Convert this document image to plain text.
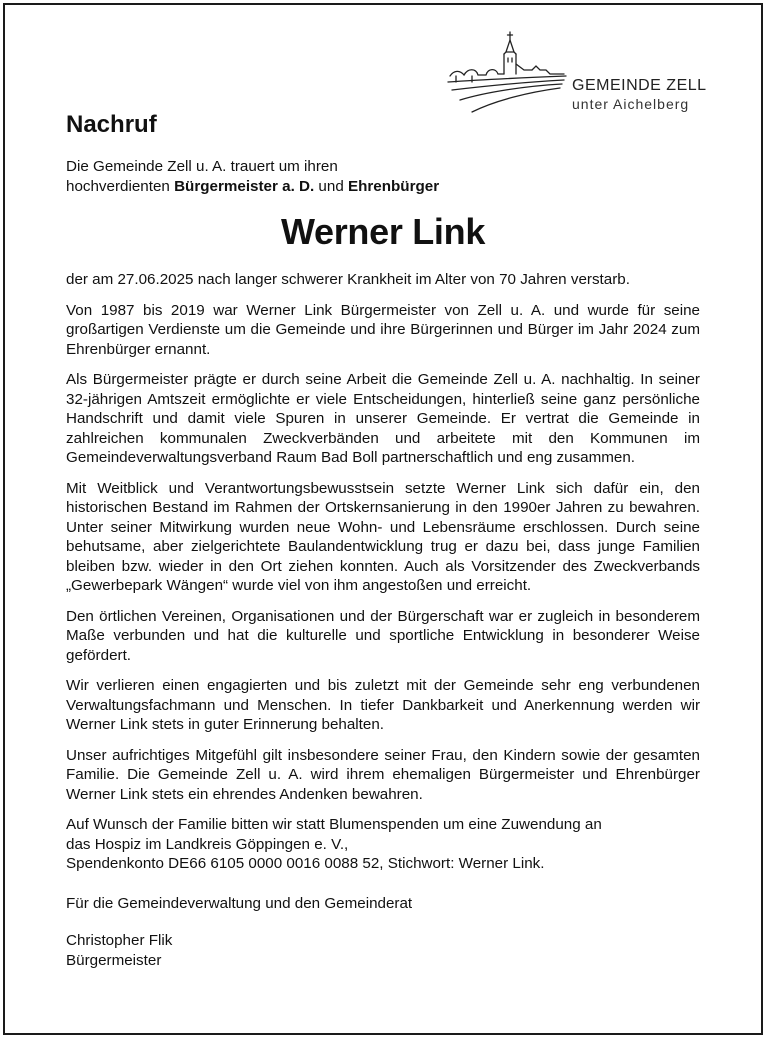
GEMEINDE ZELL
unter Aichelberg
Nachruf
Die Gemeinde Zell u. A. trauert um ihren
hochverdienten Bürgermeister a. D. und Ehrenbürger
Werner Link

der am 27.06.2025 nach langer schwerer Krankheit im Alter von 70 Jahren verstarb.

Von 1987 bis 2019 war Werner Link Bürgermeister von Zell u. A. und wurde für seine großartigen Verdienste um die Gemeinde und ihre Bürgerinnen und Bürger im Jahr 2024 zum Ehrenbürger ernannt.

Als Bürgermeister prägte er durch seine Arbeit die Gemeinde Zell u. A. nachhaltig. In seiner 32-jährigen Amtszeit ermöglichte er viele Entscheidungen, hinterließ seine ganz persönliche Handschrift und damit viele Spuren in unserer Gemeinde. Er vertrat die Gemeinde in zahlreichen kommunalen Zweckverbänden und arbeitete mit den Kommunen im Gemeindeverwaltungsverband Raum Bad Boll partnerschaftlich und eng zusammen.

Mit Weitblick und Verantwortungsbewusstsein setzte Werner Link sich dafür ein, den historischen Bestand im Rahmen der Ortskernsanierung in den 1990er Jahren zu bewahren. Unter seiner Mitwirkung wurden neue Wohn- und Lebensräume erschlossen. Durch seine behutsame, aber zielgerichtete Baulandentwicklung trug er dazu bei, dass junge Familien bleiben bzw. wieder in den Ort ziehen konnten. Auch als Vorsitzender des Zweckverbands „Gewerbepark Wängen“ wurde viel von ihm angestoßen und erreicht.

Den örtlichen Vereinen, Organisationen und der Bürgerschaft war er zugleich in besonderem Maße verbunden und hat die kulturelle und sportliche Entwicklung in besonderer Weise gefördert.

Wir verlieren einen engagierten und bis zuletzt mit der Gemeinde sehr eng verbundenen Verwaltungsfachmann und Menschen. In tiefer Dankbarkeit und Anerkennung werden wir Werner Link stets in guter Erinnerung behalten.

Unser aufrichtiges Mitgefühl gilt insbesondere seiner Frau, den Kindern sowie der gesamten Familie. Die Gemeinde Zell u. A. wird ihrem ehemaligen Bürgermeister und Ehrenbürger Werner Link stets ein ehrendes Andenken bewahren.

Auf Wunsch der Familie bitten wir statt Blumenspenden um eine Zuwendung an
das Hospiz im Landkreis Göppingen e. V.,
Spendenkonto DE66 6105 0000 0016 0088 52, Stichwort: Werner Link.

Für die Gemeindeverwaltung und den Gemeinderat
Christopher Flik
Bürgermeister
